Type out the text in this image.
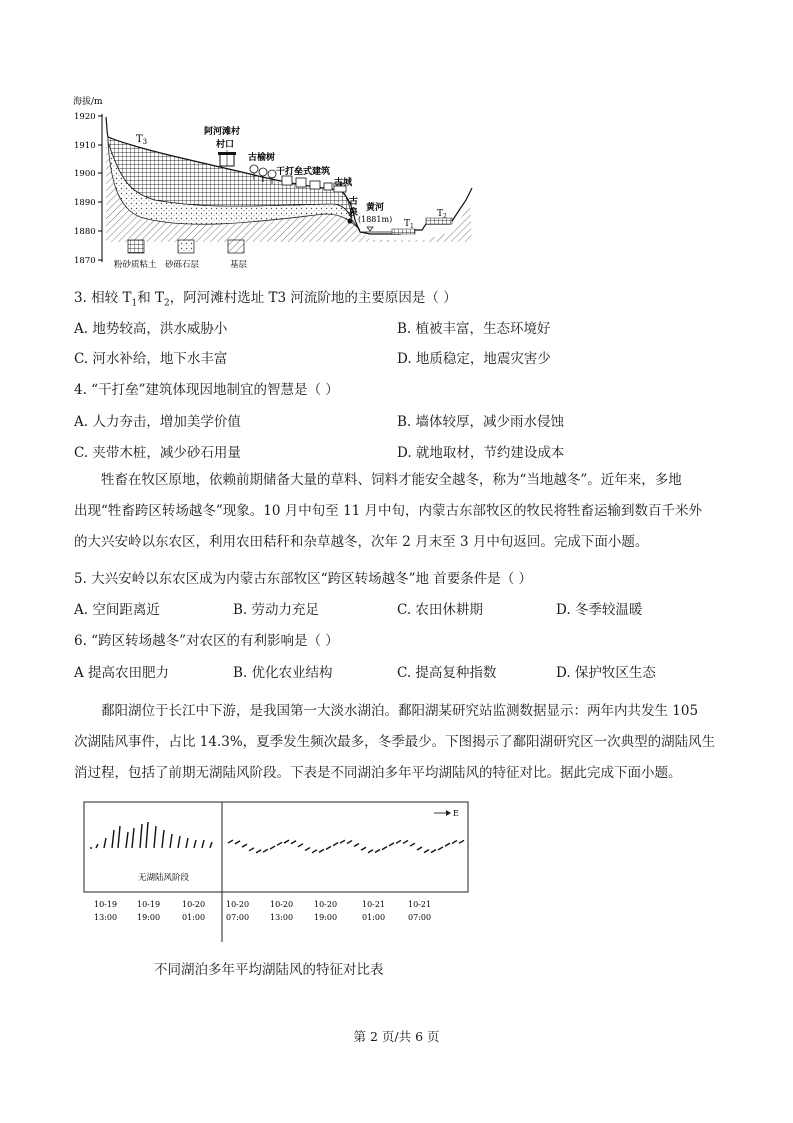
海拔/m
1920
1910
1900
1890
1880
1870
$T_3$
阿河滩村
村口
古榆树
干打垒式建筑
古城
古
泉 黄河
(1881m) $T_1$
$T_2$
粉砂质粘土 砂砾石层	基层
3. 相较 $T_1$和 $T_2$，阿河滩村选址 T3 河流阶地的主要原因是（ ）
A. 地势较高，洪水威胁小	B. 植被丰富，生态环境好
C. 河水补给，地下水丰富	D. 地质稳定，地震灾害少
4. “干打垒”建筑体现因地制宜的智慧是（ ）
A. 人力夯击，增加美学价值	B. 墙体较厚，减少雨水侵蚀
C. 夹带木桩，减少砂石用量	D. 就地取材，节约建设成本
牲畜在牧区原地，依赖前期储备大量的草料、饲料才能安全越冬，称为“当地越冬”。近年来，多地
出现“牲畜跨区转场越冬”现象。10 月中旬至 11 月中旬，内蒙古东部牧区的牧民将牲畜运输到数百千米外
的大兴安岭以东农区，利用农田秸秆和杂草越冬，次年 2 月末至 3 月中旬返回。完成下面小题。
5. 大兴安岭以东农区成为内蒙古东部牧区“跨区转场越冬”地 首要条件是（ ）
A. 空间距离近	B. 劳动力充足	C. 农田休耕期	D. 冬季较温暖
6. “跨区转场越冬”对农区的有利影响是（ ）
A 提高农田肥力	B. 优化农业结构	C. 提高复种指数	D. 保护牧区生态
鄱阳湖位于长江中下游，是我国第一大淡水湖泊。鄱阳湖某研究站监测数据显示：两年内共发生 105
次湖陆风事件，占比 14.3%，夏季发生频次最多，冬季最少。下图揭示了鄱阳湖研究区一次典型的湖陆风生
消过程，包括了前期无湖陆风阶段。下表是不同湖泊多年平均湖陆风的特征对比。据此完成下面小题。
E
无湖陆风阶段
10-19
13:00
10-19
19:00
10-20
01:00
10-20
07:00
10-20
13:00
10-20
19:00
10-21
01:00
10-21
07:00
不同湖泊多年平均湖陆风的特征对比表
第 2 页/共 6 页
